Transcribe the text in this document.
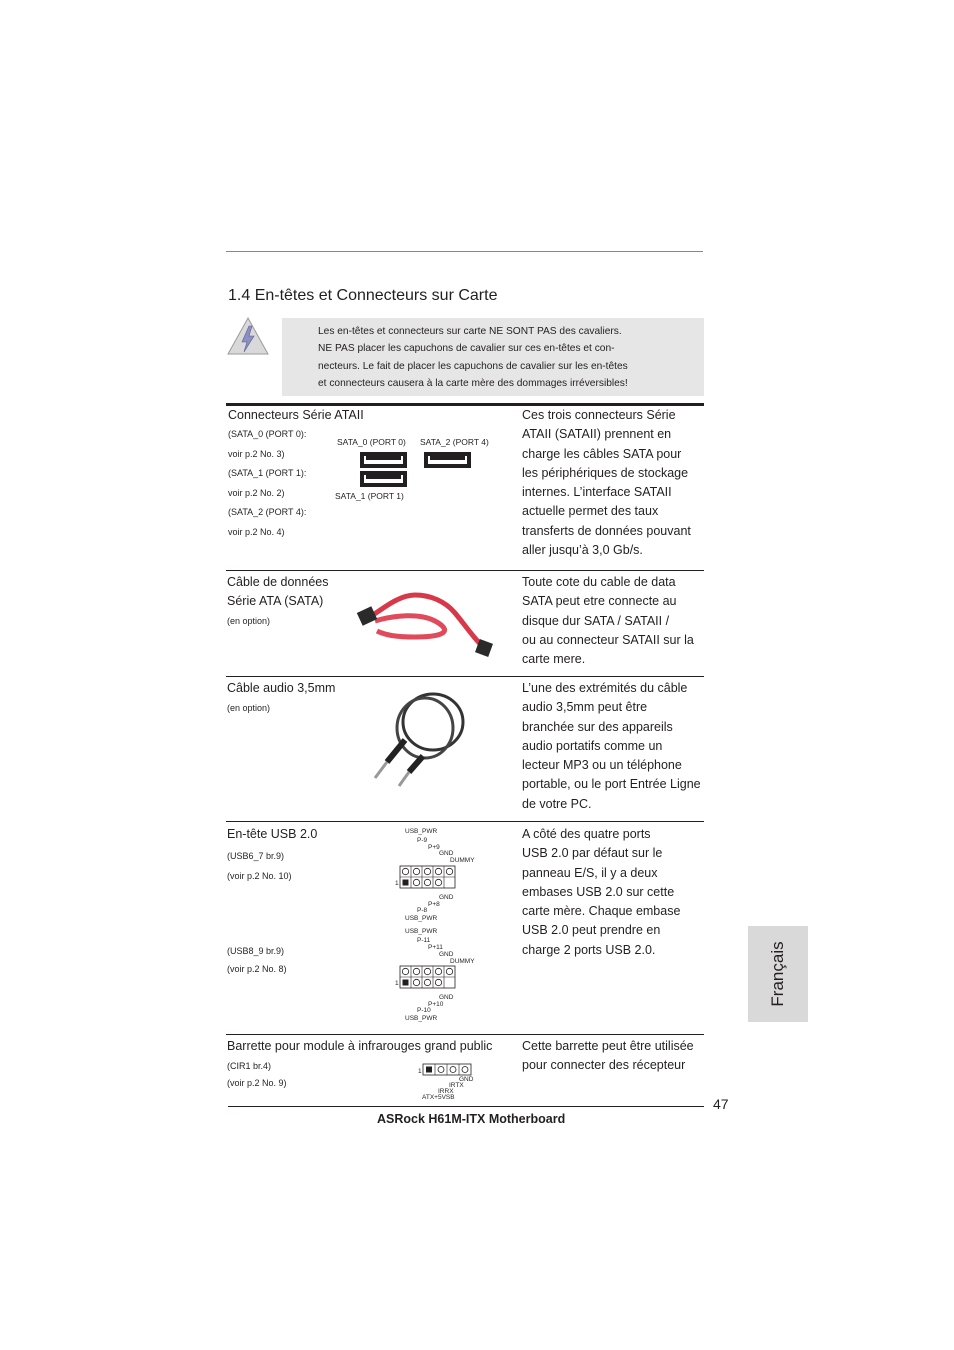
1.4 En-têtes et Connecteurs sur Carte
Les en-têtes et connecteurs sur carte NE SONT PAS des cavaliers.
NE PAS placer les capuchons de cavalier sur ces en-têtes et con-
necteurs. Le fait de placer les capuchons de cavalier sur les en-têtes
et connecteurs causera à la carte mère des dommages irréversibles!
Connecteurs Série ATAII
(SATA_0 (PORT 0):
voir p.2 No. 3)
(SATA_1 (PORT 1):
voir p.2 No. 2)
(SATA_2 (PORT 4):
voir p.2 No. 4)
SATA_0 (PORT 0) SATA_2 (PORT 4)
SATA_1 (PORT 1)
Ces trois connecteurs Série
ATAII (SATAII) prennent en
charge les câbles SATA pour
les périphériques de stockage
internes. L’interface SATAII
actuelle permet des taux
transferts de données pouvant
aller jusqu’à 3,0 Gb/s.
Câble de données
Série ATA (SATA)
(en option)
Toute cote du cable de data
SATA peut etre connecte au
disque dur SATA / SATAII /
ou au connecteur SATAII sur la
carte mere.
Câble audio 3,5mm
(en option)
L’une des extrémités du câble
audio 3,5mm peut être
branchée sur des appareils
audio portatifs comme un
lecteur MP3 ou un téléphone
portable, ou le port Entrée Ligne
de votre PC.
En-tête USB 2.0
(USB6_7 br.9)
(voir p.2 No. 10)
(USB8_9 br.9)
(voir p.2 No. 8)
USB_PWR
P-9
P+9
GND
DUMMY
1
GND
P+8
P-8
USB_PWR
USB_PWR
P-11
P+11
GND
DUMMY
1
GND
P+10
P-10
USB_PWR
A côté des quatre ports
USB 2.0 par défaut sur le
panneau E/S, il y a deux
embases USB 2.0 sur cette
carte mère. Chaque embase
USB 2.0 peut prendre en
charge 2 ports USB 2.0.
Barrette pour module à infrarouges grand public
(CIR1 br.4)
(voir p.2 No. 9)
1
GND
IRTX
IRRX
ATX+5VSB
Cette barrette peut être utilisée
pour connecter des récepteur
47
ASRock H61M-ITX Motherboard
Français
